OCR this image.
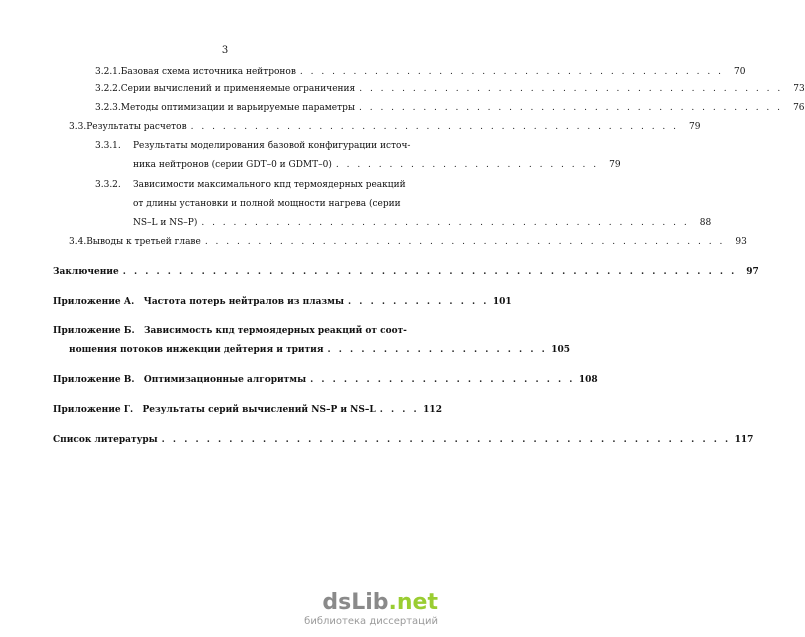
3
3.2.1. Базовая схема источника нейтронов . . . . . . . . . . . . . . . . . . . . . . . . . . . . . . . . . . . . . . . .	70
3.2.2. Серии вычислений и применяемые ограничения . . . . . . . . . . . . . . . . . . . . . . . . . . . . . . . . . . . . . . . .	73
3.2.3. Методы оптимизации и варьируемые параметры . . . . . . . . . . . . . . . . . . . . . . . . . . . . . . . . . . . . . . . .	76
3.3. Результаты расчетов . . . . . . . . . . . . . . . . . . . . . . . . . . . . . . . . . . . . . . . . . . . . . .	79
3.3.1.	Результаты моделирования базовой конфигурации источ-
ника нейтронов (серии GDT–0 и GDMT–0) . . . . . . . . . . . . . . . . . . . . . . . . .	79
3.3.2.	Зависимости максимального кпд термоядерных реакций
от длины установки и полной мощности нагрева (серии
NS–L и NS–P) . . . . . . . . . . . . . . . . . . . . . . . . . . . . . . . . . . . . . . . . . . . . . .	88
3.4. Выводы к третьей главе . . . . . . . . . . . . . . . . . . . . . . . . . . . . . . . . . . . . . . . . . . . . . . . . .	93
Заключение . . . . . . . . . . . . . . . . . . . . . . . . . . . . . . . . . . . . . . . . . . . . . . . . . . . . . . .	97
Приложение А.   Частота потерь нейтралов из плазмы . . . . . . . . . . . . . 101
Приложение Б.   Зависимость кпд термоядерных реакций от соот-
ношения потоков инжекции дейтерия и трития . . . . . . . . . . . . . . . . . . . . 105
Приложение В.   Оптимизационные алгоритмы . . . . . . . . . . . . . . . . . . . . . . . . 108
Приложение Г.   Результаты серий вычислений NS–P и NS–L . . . . 112
Список литературы . . . . . . . . . . . . . . . . . . . . . . . . . . . . . . . . . . . . . . . . . . . . . . . . . . . 117
dsLib.net
библиотека диссертаций
